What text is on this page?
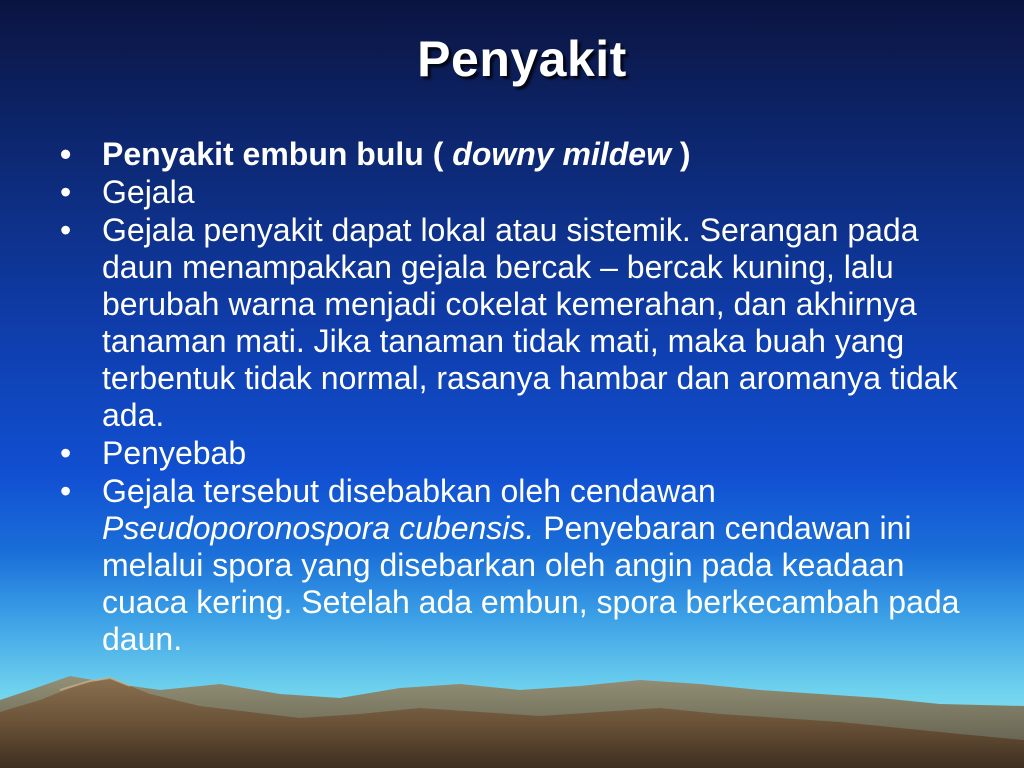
Penyakit
• Penyakit embun bulu ( downy mildew )
• Gejala
• Gejala penyakit dapat lokal atau sistemik. Serangan pada daun menampakkan gejala bercak – bercak kuning, lalu berubah warna menjadi cokelat kemerahan, dan akhirnya tanaman mati. Jika tanaman tidak mati, maka buah yang terbentuk tidak normal, rasanya hambar dan aromanya tidak ada.
• Penyebab
• Gejala tersebut disebabkan oleh cendawan Pseudoporonospora cubensis. Penyebaran cendawan ini melalui spora yang disebarkan oleh angin pada keadaan cuaca kering. Setelah ada embun, spora berkecambah pada daun.
